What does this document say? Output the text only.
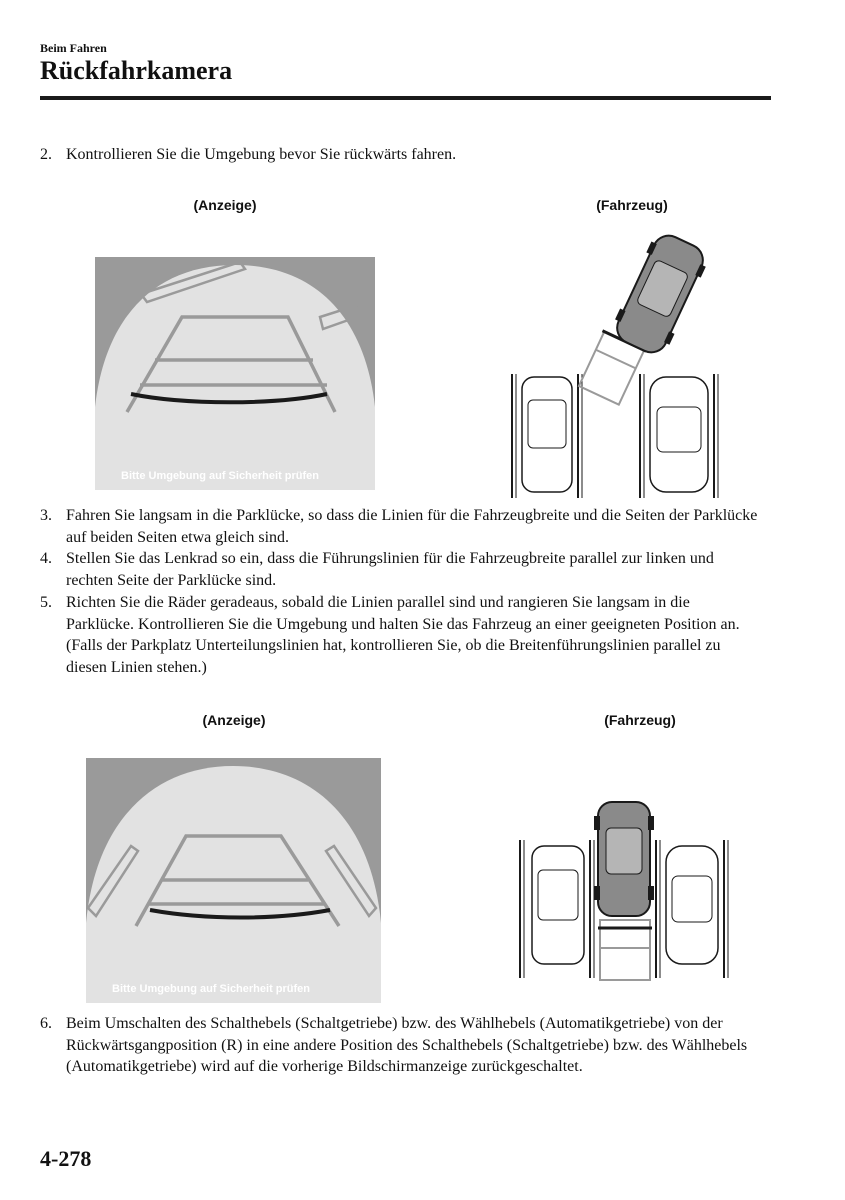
Beim Fahren
Rückfahrkamera
2. Kontrollieren Sie die Umgebung bevor Sie rückwärts fahren.
(Anzeige)	(Fahrzeug)
Bitte Umgebung auf Sicherheit prüfen
3. Fahren Sie langsam in die Parklücke, so dass die Linien für die Fahrzeugbreite und die Seiten der Parklücke auf beiden Seiten etwa gleich sind.
4. Stellen Sie das Lenkrad so ein, dass die Führungslinien für die Fahrzeugbreite parallel zur linken und rechten Seite der Parklücke sind.
5. Richten Sie die Räder geradeaus, sobald die Linien parallel sind und rangieren Sie langsam in die Parklücke. Kontrollieren Sie die Umgebung und halten Sie das Fahrzeug an einer geeigneten Position an. (Falls der Parkplatz Unterteilungslinien hat, kontrollieren Sie, ob die Breitenführungslinien parallel zu diesen Linien stehen.)
(Anzeige)	(Fahrzeug)
Bitte Umgebung auf Sicherheit prüfen
6. Beim Umschalten des Schalthebels (Schaltgetriebe) bzw. des Wählhebels (Automatikgetriebe) von der Rückwärtsgangposition (R) in eine andere Position des Schalthebels (Schaltgetriebe) bzw. des Wählhebels (Automatikgetriebe) wird auf die vorherige Bildschirmanzeige zurückgeschaltet.
4-278
